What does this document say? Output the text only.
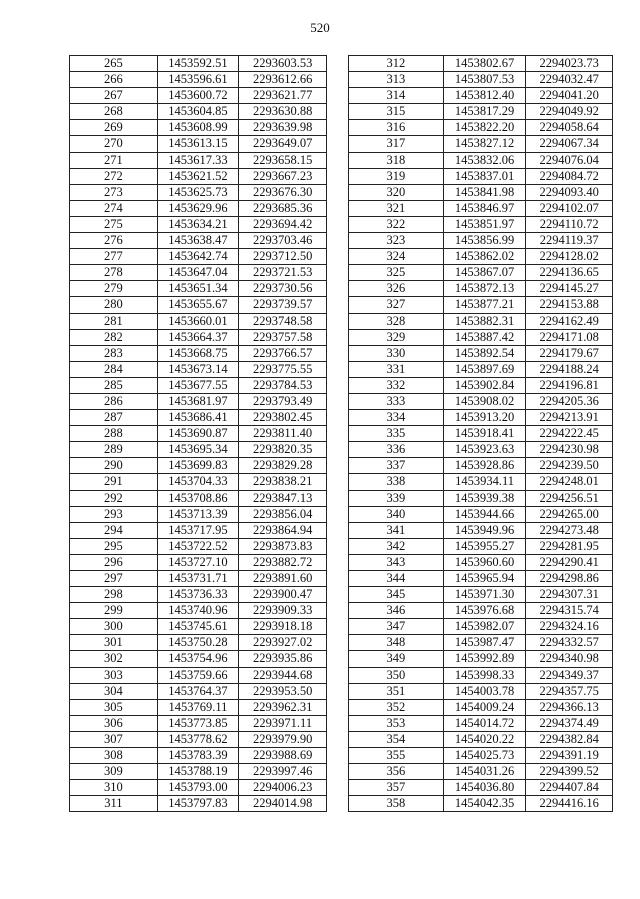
520
265	1453592.51	2293603.53
266	1453596.61	2293612.66
267	1453600.72	2293621.77
268	1453604.85	2293630.88
269	1453608.99	2293639.98
270	1453613.15	2293649.07
271	1453617.33	2293658.15
272	1453621.52	2293667.23
273	1453625.73	2293676.30
274	1453629.96	2293685.36
275	1453634.21	2293694.42
276	1453638.47	2293703.46
277	1453642.74	2293712.50
278	1453647.04	2293721.53
279	1453651.34	2293730.56
280	1453655.67	2293739.57
281	1453660.01	2293748.58
282	1453664.37	2293757.58
283	1453668.75	2293766.57
284	1453673.14	2293775.55
285	1453677.55	2293784.53
286	1453681.97	2293793.49
287	1453686.41	2293802.45
288	1453690.87	2293811.40
289	1453695.34	2293820.35
290	1453699.83	2293829.28
291	1453704.33	2293838.21
292	1453708.86	2293847.13
293	1453713.39	2293856.04
294	1453717.95	2293864.94
295	1453722.52	2293873.83
296	1453727.10	2293882.72
297	1453731.71	2293891.60
298	1453736.33	2293900.47
299	1453740.96	2293909.33
300	1453745.61	2293918.18
301	1453750.28	2293927.02
302	1453754.96	2293935.86
303	1453759.66	2293944.68
304	1453764.37	2293953.50
305	1453769.11	2293962.31
306	1453773.85	2293971.11
307	1453778.62	2293979.90
308	1453783.39	2293988.69
309	1453788.19	2293997.46
310	1453793.00	2294006.23
311	1453797.83	2294014.98
312	1453802.67	2294023.73
313	1453807.53	2294032.47
314	1453812.40	2294041.20
315	1453817.29	2294049.92
316	1453822.20	2294058.64
317	1453827.12	2294067.34
318	1453832.06	2294076.04
319	1453837.01	2294084.72
320	1453841.98	2294093.40
321	1453846.97	2294102.07
322	1453851.97	2294110.72
323	1453856.99	2294119.37
324	1453862.02	2294128.02
325	1453867.07	2294136.65
326	1453872.13	2294145.27
327	1453877.21	2294153.88
328	1453882.31	2294162.49
329	1453887.42	2294171.08
330	1453892.54	2294179.67
331	1453897.69	2294188.24
332	1453902.84	2294196.81
333	1453908.02	2294205.36
334	1453913.20	2294213.91
335	1453918.41	2294222.45
336	1453923.63	2294230.98
337	1453928.86	2294239.50
338	1453934.11	2294248.01
339	1453939.38	2294256.51
340	1453944.66	2294265.00
341	1453949.96	2294273.48
342	1453955.27	2294281.95
343	1453960.60	2294290.41
344	1453965.94	2294298.86
345	1453971.30	2294307.31
346	1453976.68	2294315.74
347	1453982.07	2294324.16
348	1453987.47	2294332.57
349	1453992.89	2294340.98
350	1453998.33	2294349.37
351	1454003.78	2294357.75
352	1454009.24	2294366.13
353	1454014.72	2294374.49
354	1454020.22	2294382.84
355	1454025.73	2294391.19
356	1454031.26	2294399.52
357	1454036.80	2294407.84
358	1454042.35	2294416.16
